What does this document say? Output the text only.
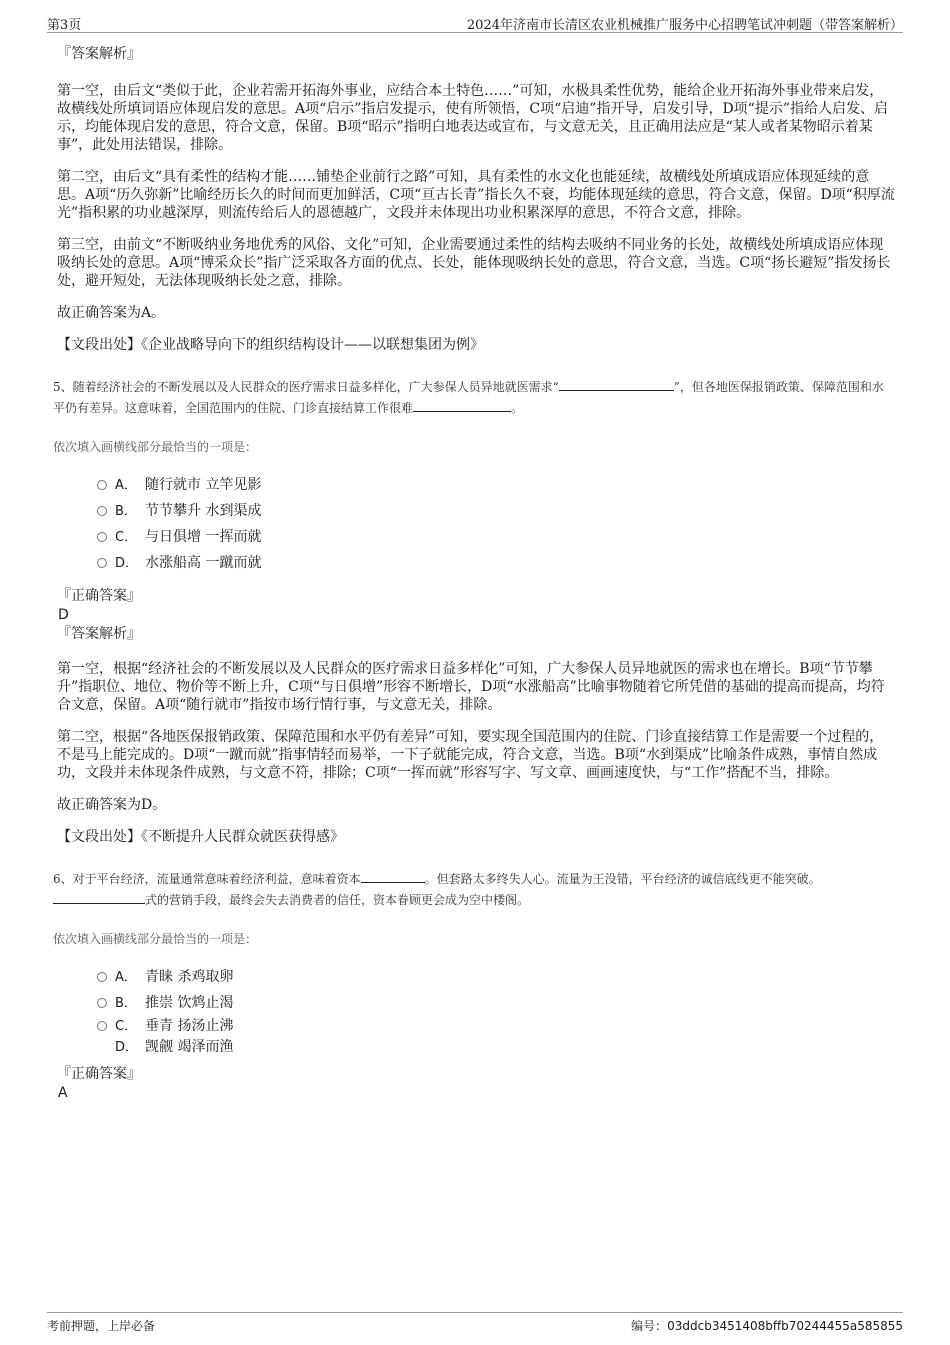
第3页	2024年济南市长清区农业机械推广服务中心招聘笔试冲刺题（带答案解析）
『答案解析』

第一空，由后文“类似于此，企业若需开拓海外事业，应结合本土特色……”可知，水极具柔性优势，能给企业开拓海外事业带来启发，故横线处所填词语应体现启发的意思。A项“启示”指启发提示，使有所领悟，C项“启迪”指开导，启发引导，D项“提示”指给人启发、启示，均能体现启发的意思，符合文意，保留。B项“昭示”指明白地表达或宣布，与文意无关，且正确用法应是“某人或者某物昭示着某事”，此处用法错误，排除。

第二空，由后文“具有柔性的结构才能……铺垫企业前行之路”可知，具有柔性的水文化也能延续，故横线处所填成语应体现延续的意思。A项“历久弥新”比喻经历长久的时间而更加鲜活，C项“亘古长青”指长久不衰，均能体现延续的意思，符合文意，保留。D项“积厚流光”指积累的功业越深厚，则流传给后人的恩德越广，文段并未体现出功业积累深厚的意思，不符合文意，排除。

第三空，由前文“不断吸纳业务地优秀的风俗、文化”可知，企业需要通过柔性的结构去吸纳不同业务的长处，故横线处所填成语应体现吸纳长处的意思。A项“博采众长”指广泛采取各方面的优点、长处，能体现吸纳长处的意思，符合文意，当选。C项“扬长避短”指发扬长处，避开短处，无法体现吸纳长处之意，排除。

故正确答案为A。

【文段出处】《企业战略导向下的组织结构设计——以联想集团为例》
5、随着经济社会的不断发展以及人民群众的医疗需求日益多样化，广大参保人员异地就医需求“	”，但各地医保报销政策、保障范围和水平仍有差异。这意味着，全国范围内的住院、门诊直接结算工作很难	。
依次填入画横线部分最恰当的一项是：
A． 随行就市 立竿见影
B． 节节攀升 水到渠成
C． 与日俱增 一挥而就
D． 水涨船高 一蹴而就
『正确答案』
D
『答案解析』

第一空，根据“经济社会的不断发展以及人民群众的医疗需求日益多样化”可知，广大参保人员异地就医的需求也在增长。B项“节节攀升”指职位、地位、物价等不断上升，C项“与日俱增”形容不断增长，D项“水涨船高”比喻事物随着它所凭借的基础的提高而提高，均符合文意，保留。A项“随行就市”指按市场行情行事，与文意无关，排除。

第二空，根据“各地医保报销政策、保障范围和水平仍有差异”可知，要实现全国范围内的住院、门诊直接结算工作是需要一个过程的，不是马上能完成的。D项“一蹴而就”指事情轻而易举，一下子就能完成，符合文意，当选。B项“水到渠成”比喻条件成熟，事情自然成功，文段并未体现条件成熟，与文意不符，排除；C项“一挥而就”形容写字、写文章、画画速度快，与“工作”搭配不当，排除。

故正确答案为D。

【文段出处】《不断提升人民群众就医获得感》
6、对于平台经济，流量通常意味着经济利益，意味着资本	。但套路太多终失人心。流量为王没错，平台经济的诚信底线更不能突破。式的营销手段，最终会失去消费者的信任，资本眷顾更会成为空中楼阁。
依次填入画横线部分最恰当的一项是：
A． 青睐 杀鸡取卵
B． 推崇 饮鸩止渴
C． 垂青 扬汤止沸
D． 觊觎 竭泽而渔
『正确答案』
A
考前押题，上岸必备	编号：03ddcb3451408bffb70244455a585855
